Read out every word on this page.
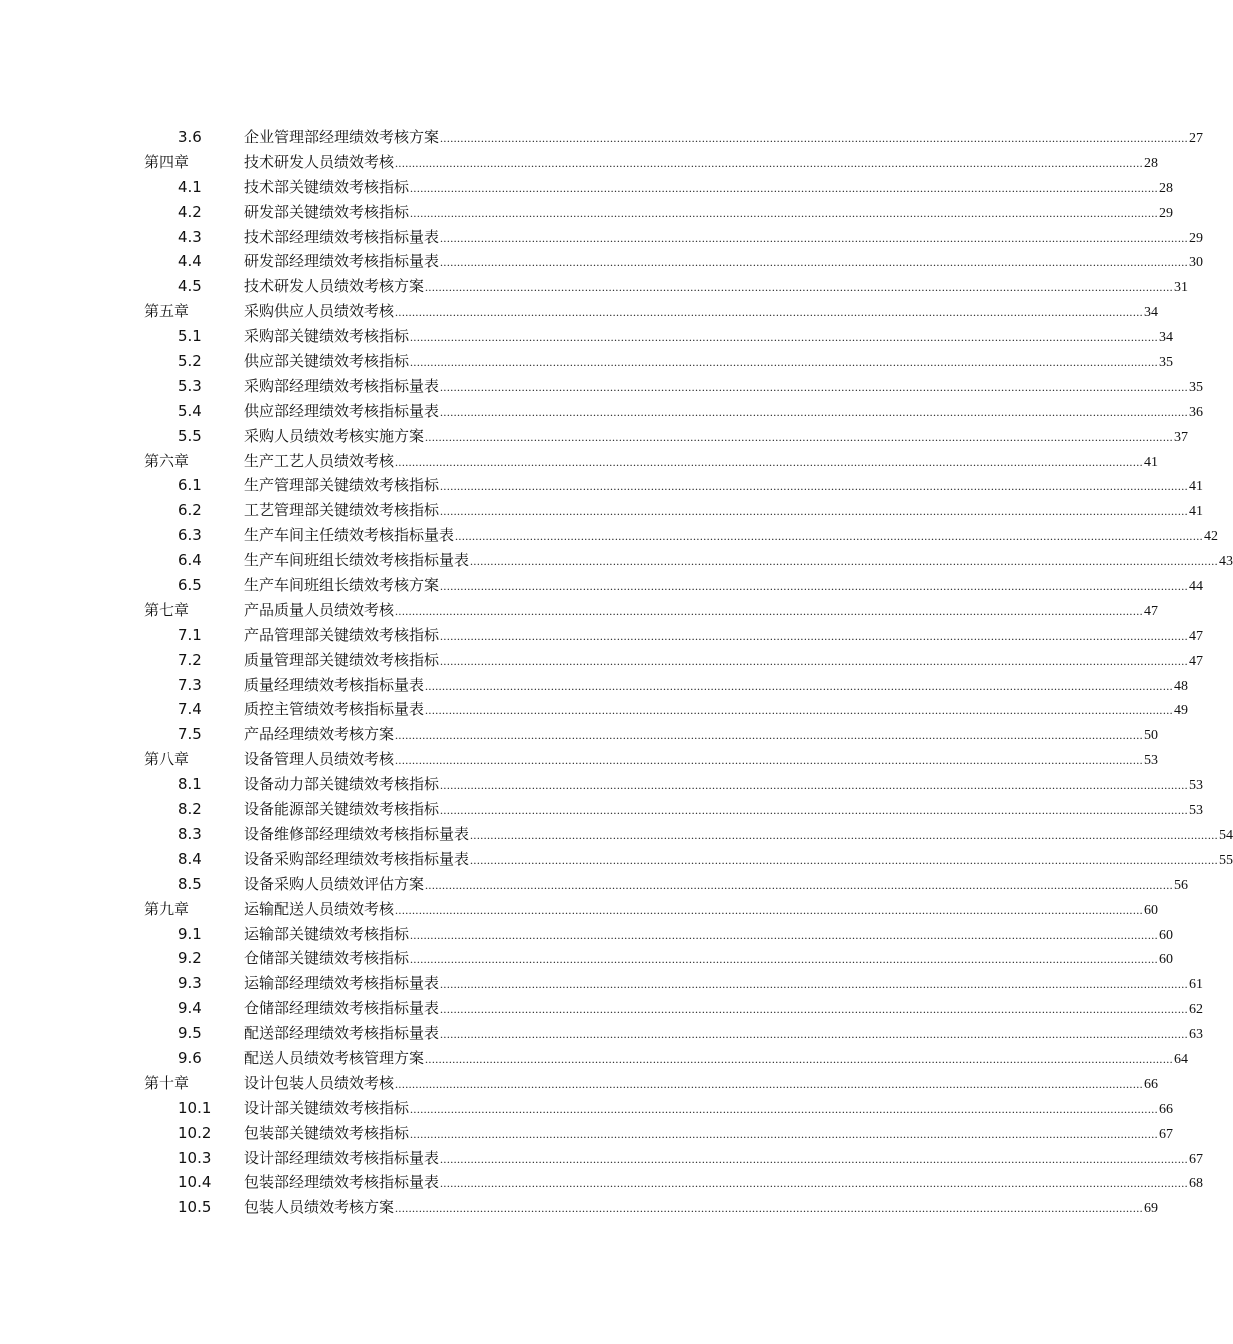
3.6	企业管理部经理绩效考核方案 ............................................................................................................................................................................................................................ 27
第四章	技术研发人员绩效考核 ............................................................................................................................................................................................................................ 28
4.1	技术部关键绩效考核指标 ............................................................................................................................................................................................................................ 28
4.2	研发部关键绩效考核指标 ............................................................................................................................................................................................................................ 29
4.3	技术部经理绩效考核指标量表 ............................................................................................................................................................................................................................ 29
4.4	研发部经理绩效考核指标量表 ............................................................................................................................................................................................................................ 30
4.5	技术研发人员绩效考核方案 ............................................................................................................................................................................................................................ 31
第五章	采购供应人员绩效考核 ............................................................................................................................................................................................................................ 34
5.1	采购部关键绩效考核指标 ............................................................................................................................................................................................................................ 34
5.2	供应部关键绩效考核指标 ............................................................................................................................................................................................................................ 35
5.3	采购部经理绩效考核指标量表 ............................................................................................................................................................................................................................ 35
5.4	供应部经理绩效考核指标量表 ............................................................................................................................................................................................................................ 36
5.5	采购人员绩效考核实施方案 ............................................................................................................................................................................................................................ 37
第六章	生产工艺人员绩效考核 ............................................................................................................................................................................................................................ 41
6.1	生产管理部关键绩效考核指标 ............................................................................................................................................................................................................................ 41
6.2	工艺管理部关键绩效考核指标 ............................................................................................................................................................................................................................ 41
6.3	生产车间主任绩效考核指标量表 ............................................................................................................................................................................................................................ 42
6.4	生产车间班组长绩效考核指标量表 ............................................................................................................................................................................................................................ 43
6.5	生产车间班组长绩效考核方案 ............................................................................................................................................................................................................................ 44
第七章	产品质量人员绩效考核 ............................................................................................................................................................................................................................ 47
7.1	产品管理部关键绩效考核指标 ............................................................................................................................................................................................................................ 47
7.2	质量管理部关键绩效考核指标 ............................................................................................................................................................................................................................ 47
7.3	质量经理绩效考核指标量表 ............................................................................................................................................................................................................................ 48
7.4	质控主管绩效考核指标量表 ............................................................................................................................................................................................................................ 49
7.5	产品经理绩效考核方案 ............................................................................................................................................................................................................................ 50
第八章	设备管理人员绩效考核 ............................................................................................................................................................................................................................ 53
8.1	设备动力部关键绩效考核指标 ............................................................................................................................................................................................................................ 53
8.2	设备能源部关键绩效考核指标 ............................................................................................................................................................................................................................ 53
8.3	设备维修部经理绩效考核指标量表 ............................................................................................................................................................................................................................ 54
8.4	设备采购部经理绩效考核指标量表 ............................................................................................................................................................................................................................ 55
8.5	设备采购人员绩效评估方案 ............................................................................................................................................................................................................................ 56
第九章	运输配送人员绩效考核 ............................................................................................................................................................................................................................ 60
9.1	运输部关键绩效考核指标 ............................................................................................................................................................................................................................ 60
9.2	仓储部关键绩效考核指标 ............................................................................................................................................................................................................................ 60
9.3	运输部经理绩效考核指标量表 ............................................................................................................................................................................................................................ 61
9.4	仓储部经理绩效考核指标量表 ............................................................................................................................................................................................................................ 62
9.5	配送部经理绩效考核指标量表 ............................................................................................................................................................................................................................ 63
9.6	配送人员绩效考核管理方案 ............................................................................................................................................................................................................................ 64
第十章	设计包装人员绩效考核 ............................................................................................................................................................................................................................ 66
10.1 设计部关键绩效考核指标 ............................................................................................................................................................................................................................ 66
10.2 包装部关键绩效考核指标 ............................................................................................................................................................................................................................ 67
10.3 设计部经理绩效考核指标量表 ............................................................................................................................................................................................................................ 67
10.4 包装部经理绩效考核指标量表 ............................................................................................................................................................................................................................ 68
10.5 包装人员绩效考核方案 ............................................................................................................................................................................................................................ 69
